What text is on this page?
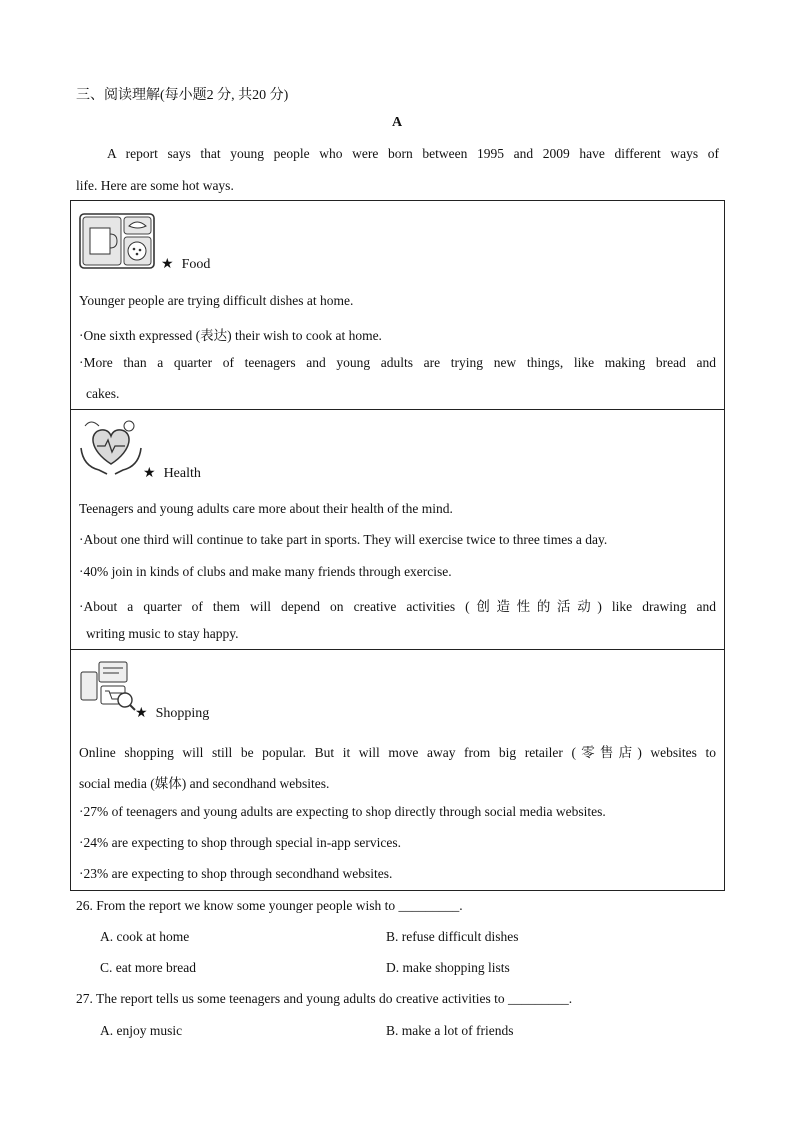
三、阅读理解(每小题2 分, 共20 分)
A
A report says that young people who were born between 1995 and 2009 have different ways of
life. Here are some hot ways.
★ Food
Younger people are trying difficult dishes at home.
·One sixth expressed (表达) their wish to cook at home.
·More than a quarter of teenagers and young adults are trying new things, like making bread and
cakes.
★ Health
Teenagers and young adults care more about their health of the mind.
·About one third will continue to take part in sports. They will exercise twice to three times a day.
·40% join in kinds of clubs and make many friends through exercise.
·About a quarter of them will depend on creative activities (创造性的活动) like drawing and
writing music to stay happy.
★ Shopping
Online shopping will still be popular. But it will move away from big retailer (零售店) websites to
social media (媒体) and secondhand websites.
·27% of teenagers and young adults are expecting to shop directly through social media websites.
·24% are expecting to shop through special in-app services.
·23% are expecting to shop through secondhand websites.
26. From the report we know some younger people wish to _________.
A. cook at home	B. refuse difficult dishes
C. eat more bread	D. make shopping lists
27. The report tells us some teenagers and young adults do creative activities to _________.
A. enjoy music	B. make a lot of friends
